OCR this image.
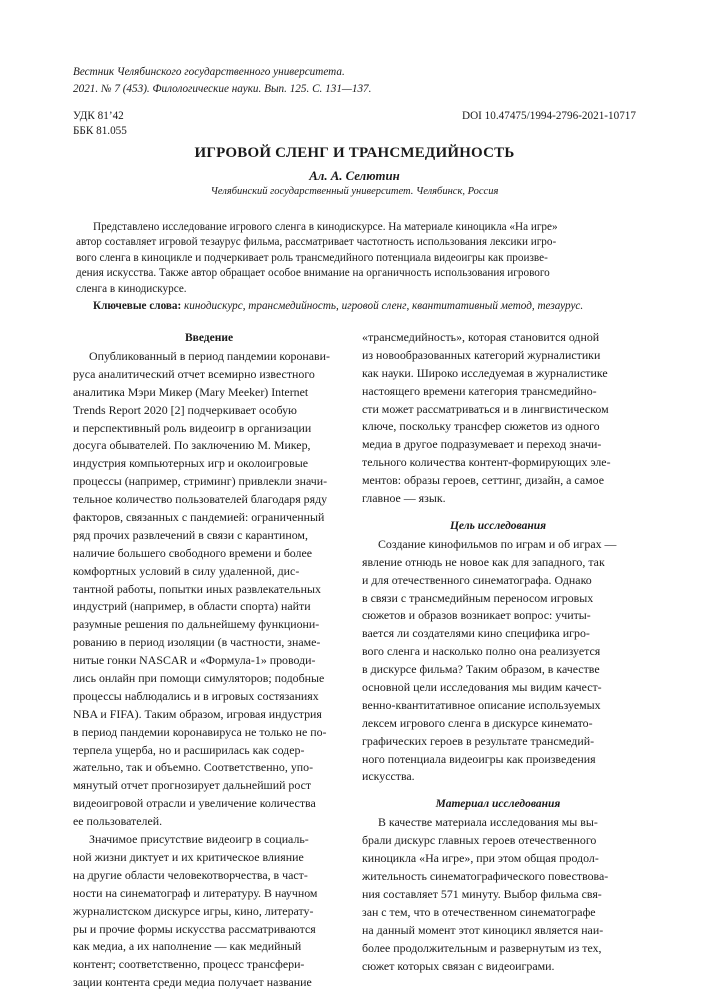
Вестник Челябинского государственного университета.
2021. № 7 (453). Филологические науки. Вып. 125. С. 131—137.
УДК 81’42
ББК 81.055
DOI 10.47475/1994-2796-2021-10717
ИГРОВОЙ СЛЕНГ И ТРАНСМЕДИЙНОСТЬ
Ал. А. Селютин
Челябинский государственный университет. Челябинск, Россия
Представлено исследование игрового сленга в кинодискурсе. На материале киноцикла «На игре»
автор составляет игровой тезаурус фильма, рассматривает частотность использования лексики игро-
вого сленга в киноцикле и подчеркивает роль трансмедийного потенциала видеоигры как произве-
дения искусства. Также автор обращает особое внимание на органичность использования игрового
сленга в кинодискурсе.
Ключевые слова: кинодискурс, трансмедийность, игровой сленг, квантитативный метод, тезаурус.
Введение
Опубликованный в период пандемии коронави-
руса аналитический отчет всемирно известного
аналитика Мэри Микер (Mary Meeker) Internet
Trends Report 2020 [2] подчеркивает особую
и перспективный роль видеоигр в организации
досуга обывателей. По заключению М. Микер,
индустрия компьютерных игр и околоигровые
процессы (например, стриминг) привлекли значи-
тельное количество пользователей благодаря ряду
факторов, связанных с пандемией: ограниченный
ряд прочих развлечений в связи с карантином,
наличие большего свободного времени и более
комфортных условий в силу удаленной, дис-
тантной работы, попытки иных развлекательных
индустрий (например, в области спорта) найти
разумные решения по дальнейшему функциони-
рованию в период изоляции (в частности, знаме-
нитые гонки NASCAR и «Формула-1» проводи-
лись онлайн при помощи симуляторов; подобные
процессы наблюдались и в игровых состязаниях
NBA и FIFA). Таким образом, игровая индустрия
в период пандемии коронавируса не только не по-
терпела ущерба, но и расширилась как содер-
жательно, так и объемно. Соответственно, упо-
мянутый отчет прогнозирует дальнейший рост
видеоигровой отрасли и увеличение количества
ее пользователей.
Значимое присутствие видеоигр в социаль-
ной жизни диктует и их критическое влияние
на другие области человекотворчества, в част-
ности на синематограф и литературу. В научном
журналистском дискурсе игры, кино, литерату-
ры и прочие формы искусства рассматриваются
как медиа, а их наполнение — как медийный
контент; соответственно, процесс трансфери-
зации контента среди медиа получает название
«трансмедийность», которая становится одной
из новообразованных категорий журналистики
как науки. Широко исследуемая в журналистике
настоящего времени категория трансмедийно-
сти может рассматриваться и в лингвистическом
ключе, поскольку трансфер сюжетов из одного
медиа в другое подразумевает и переход значи-
тельного количества контент-формирующих эле-
ментов: образы героев, сеттинг, дизайн, а самое
главное — язык.
Цель исследования
Создание кинофильмов по играм и об играх —
явление отнюдь не новое как для западного, так
и для отечественного синематографа. Однако
в связи с трансмедийным переносом игровых
сюжетов и образов возникает вопрос: учиты-
вается ли создателями кино специфика игро-
вого сленга и насколько полно она реализуется
в дискурсе фильма? Таким образом, в качестве
основной цели исследования мы видим качест-
венно-квантитативное описание используемых
лексем игрового сленга в дискурсе кинемато-
графических героев в результате трансмедий-
ного потенциала видеоигры как произведения
искусства.
Материал исследования
В качестве материала исследования мы вы-
брали дискурс главных героев отечественного
киноцикла «На игре», при этом общая продол-
жительность синематографического повествова-
ния составляет 571 минуту. Выбор фильма свя-
зан с тем, что в отечественном синематографе
на данный момент этот киноцикл является наи-
более продолжительным и развернутым из тех,
сюжет которых связан с видеоиграми.
